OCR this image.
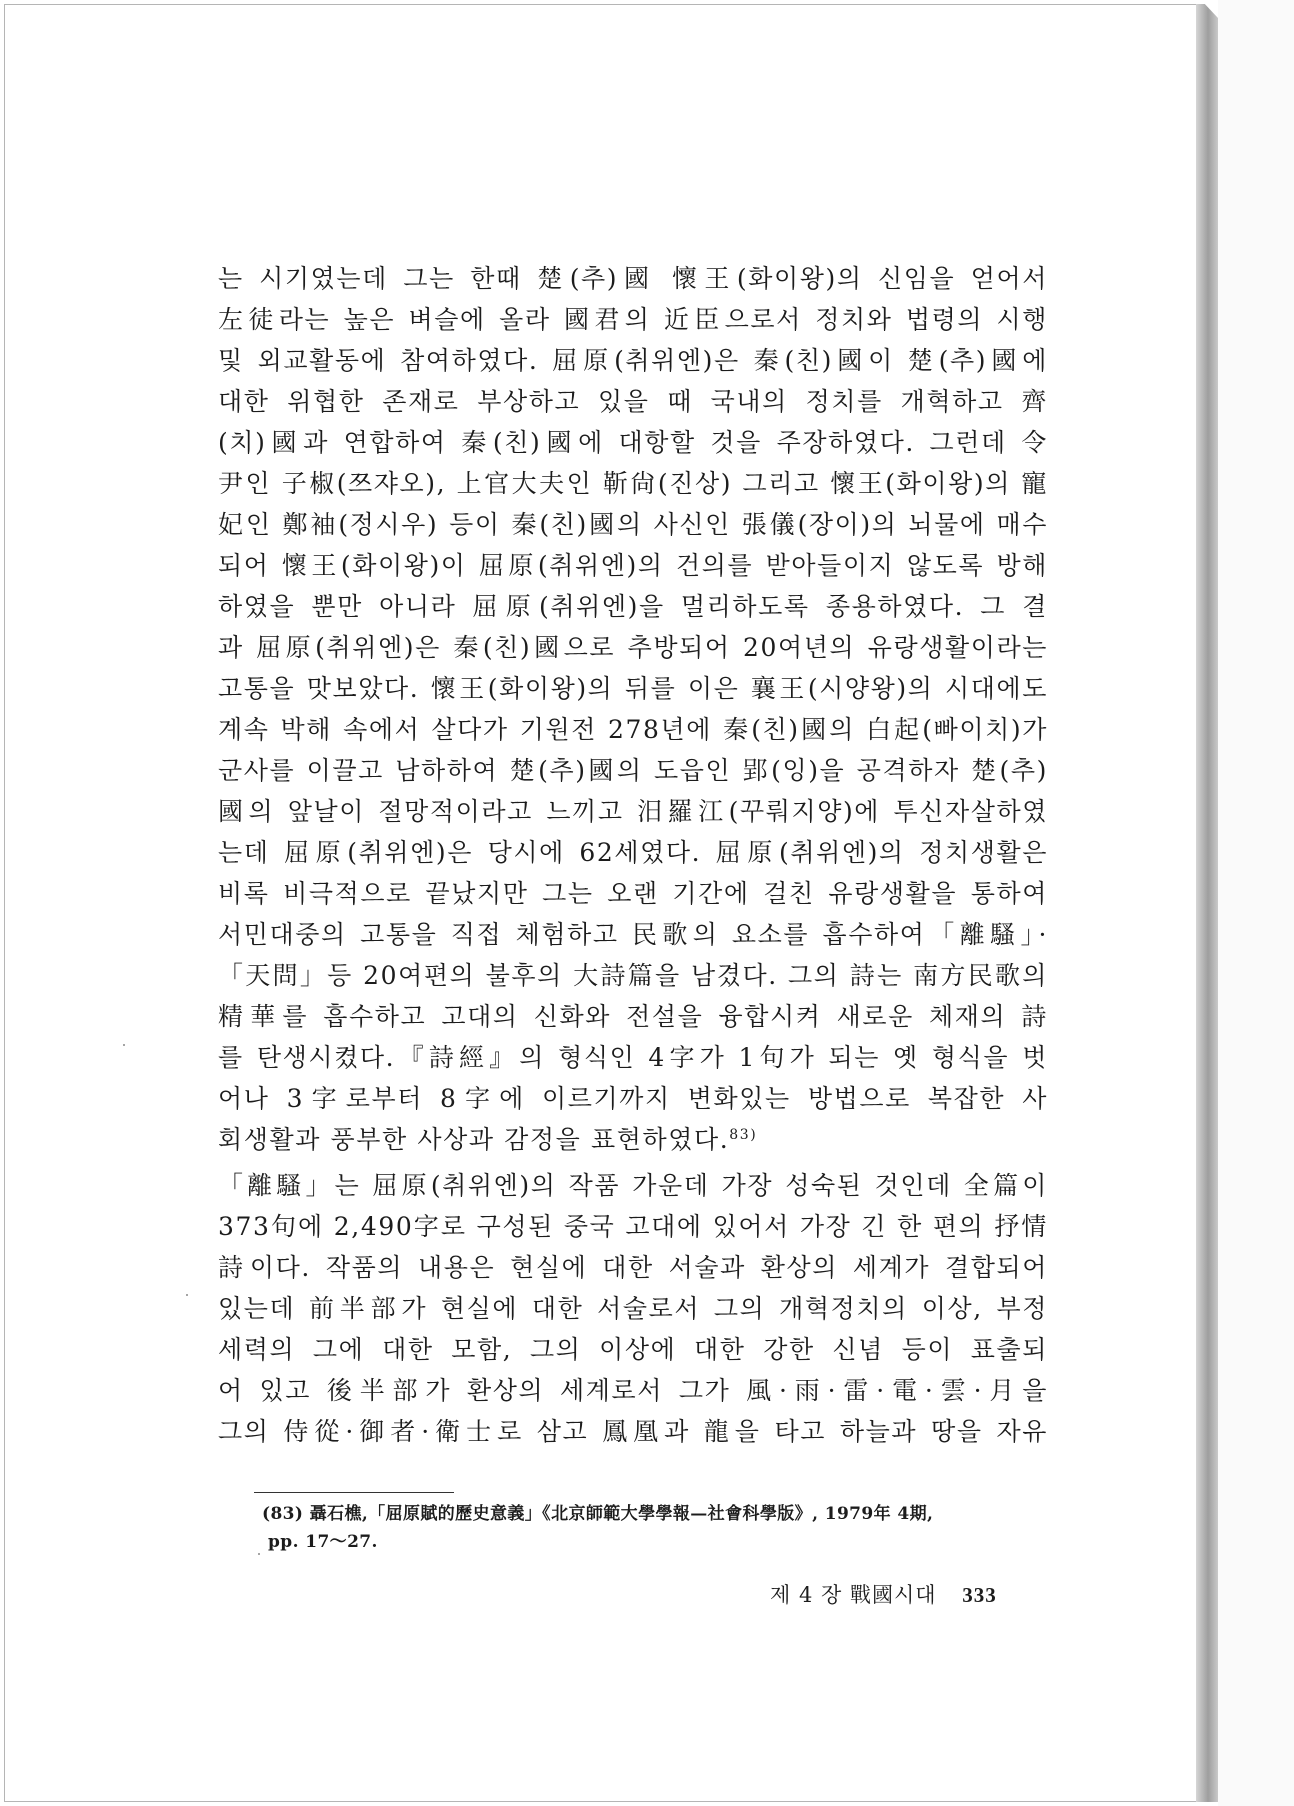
는 시기였는데 그는 한때 楚(추)國 懷王(화이왕)의 신임을 얻어서
左徒라는 높은 벼슬에 올라 國君의 近臣으로서 정치와 법령의 시행
및 외교활동에 참여하였다. 屈原(취위엔)은 秦(친)國이 楚(추)國에
대한 위협한 존재로 부상하고 있을 때 국내의 정치를 개혁하고 齊
(치)國과 연합하여 秦(친)國에 대항할 것을 주장하였다. 그런데 令
尹인 子椒(쯔쟈오), 上官大夫인 靳尙(진상) 그리고 懷王(화이왕)의 寵
妃인 鄭袖(정시우) 등이 秦(친)國의 사신인 張儀(장이)의 뇌물에 매수
되어 懷王(화이왕)이 屈原(취위엔)의 건의를 받아들이지 않도록 방해
하였을 뿐만 아니라 屈原(취위엔)을 멀리하도록 종용하였다. 그 결
과 屈原(취위엔)은 秦(친)國으로 추방되어 20여년의 유랑생활이라는
고통을 맛보았다. 懷王(화이왕)의 뒤를 이은 襄王(시양왕)의 시대에도
계속 박해 속에서 살다가 기원전 278년에 秦(친)國의 白起(빠이치)가
군사를 이끌고 남하하여 楚(추)國의 도읍인 郢(잉)을 공격하자 楚(추)
國의 앞날이 절망적이라고 느끼고 汨羅江(꾸뤄지양)에 투신자살하였
는데 屈原(취위엔)은 당시에 62세였다. 屈原(취위엔)의 정치생활은
비록 비극적으로 끝났지만 그는 오랜 기간에 걸친 유랑생활을 통하여
서민대중의 고통을 직접 체험하고 民歌의 요소를 흡수하여「離騷」·
「天問」등 20여편의 불후의 大詩篇을 남겼다. 그의 詩는 南方民歌의
精華를 흡수하고 고대의 신화와 전설을 융합시켜 새로운 체재의 詩
를 탄생시켰다.『詩經』의 형식인 4字가 1句가 되는 옛 형식을 벗
어나 3字로부터 8字에 이르기까지 변화있는 방법으로 복잡한 사
회생활과 풍부한 사상과 감정을 표현하였다.$^{83)}$
「離騷」는 屈原(취위엔)의 작품 가운데 가장 성숙된 것인데 全篇이
373句에 2,490字로 구성된 중국 고대에 있어서 가장 긴 한 편의 抒情
詩이다. 작품의 내용은 현실에 대한 서술과 환상의 세계가 결합되어
있는데 前半部가 현실에 대한 서술로서 그의 개혁정치의 이상, 부정
세력의 그에 대한 모함, 그의 이상에 대한 강한 신념 등이 표출되
어 있고 後半部가 환상의 세계로서 그가 風·雨·雷·電·雲·月을
그의 侍從·御者·衛士로 삼고 鳳凰과 龍을 타고 하늘과 땅을 자유
(83) 聶石樵,「屈原賦的歷史意義」《北京師範大學學報—社會科學版》, 1979年 4期,
pp. 17～27.
제 4 장 戰國시대 333
